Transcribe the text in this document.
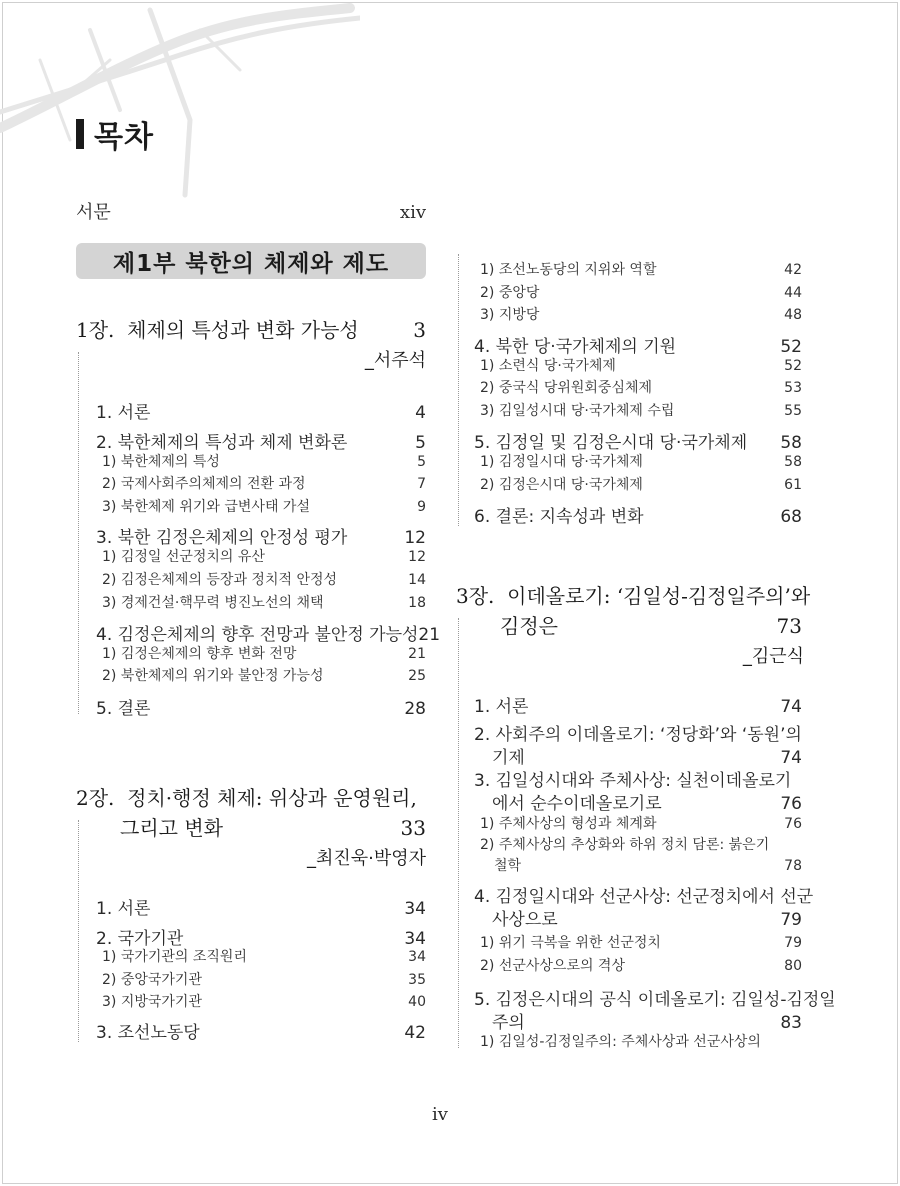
목차
서문	xiv
제1부 북한의 체제와 제도
1장. 체제의 특성과 변화 가능성	3
_서주석
1. 서론	4
2. 북한체제의 특성과 체제 변화론	5
1) 북한체제의 특성	5
2) 국제사회주의체제의 전환 과정	7
3) 북한체제 위기와 급변사태 가설	9
3. 북한 김정은체제의 안정성 평가	12
1) 김정일 선군정치의 유산	12
2) 김정은체제의 등장과 정치적 안정성	14
3) 경제건설·핵무력 병진노선의 채택	18
4. 김정은체제의 향후 전망과 불안정 가능성 21
1) 김정은체제의 향후 변화 전망	21
2) 북한체제의 위기와 불안정 가능성	25
5. 결론	28
2장. 정치·행정 체제: 위상과 운영원리,
그리고 변화	33
_최진욱·박영자
1. 서론	34
2. 국가기관	34
1) 국가기관의 조직원리	34
2) 중앙국가기관	35
3) 지방국가기관	40
3. 조선노동당	42
1) 조선노동당의 지위와 역할	42
2) 중앙당	44
3) 지방당	48
4. 북한 당·국가체제의 기원	52
1) 소련식 당·국가체제	52
2) 중국식 당위원회중심체제	53
3) 김일성시대 당·국가체제 수립	55
5. 김정일 및 김정은시대 당·국가체제 58
1) 김정일시대 당·국가체제	58
2) 김정은시대 당·국가체제	61
6. 결론: 지속성과 변화	68
3장. 이데올로기: ‘김일성-김정일주의’와
김정은	73
_김근식
1. 서론	74
2. 사회주의 이데올로기: ‘정당화’와 ‘동원’의
기제	74
3. 김일성시대와 주체사상: 실천이데올로기
에서 순수이데올로기로	76
1) 주체사상의 형성과 체계화	76
2) 주체사상의 추상화와 하위 정치 담론: 붉은기
철학	78
4. 김정일시대와 선군사상: 선군정치에서 선군
사상으로	79
1) 위기 극복을 위한 선군정치	79
2) 선군사상으로의 격상	80
5. 김정은시대의 공식 이데올로기: 김일성-김정일
주의	83
1) 김일성-김정일주의: 주체사상과 선군사상의
iv
